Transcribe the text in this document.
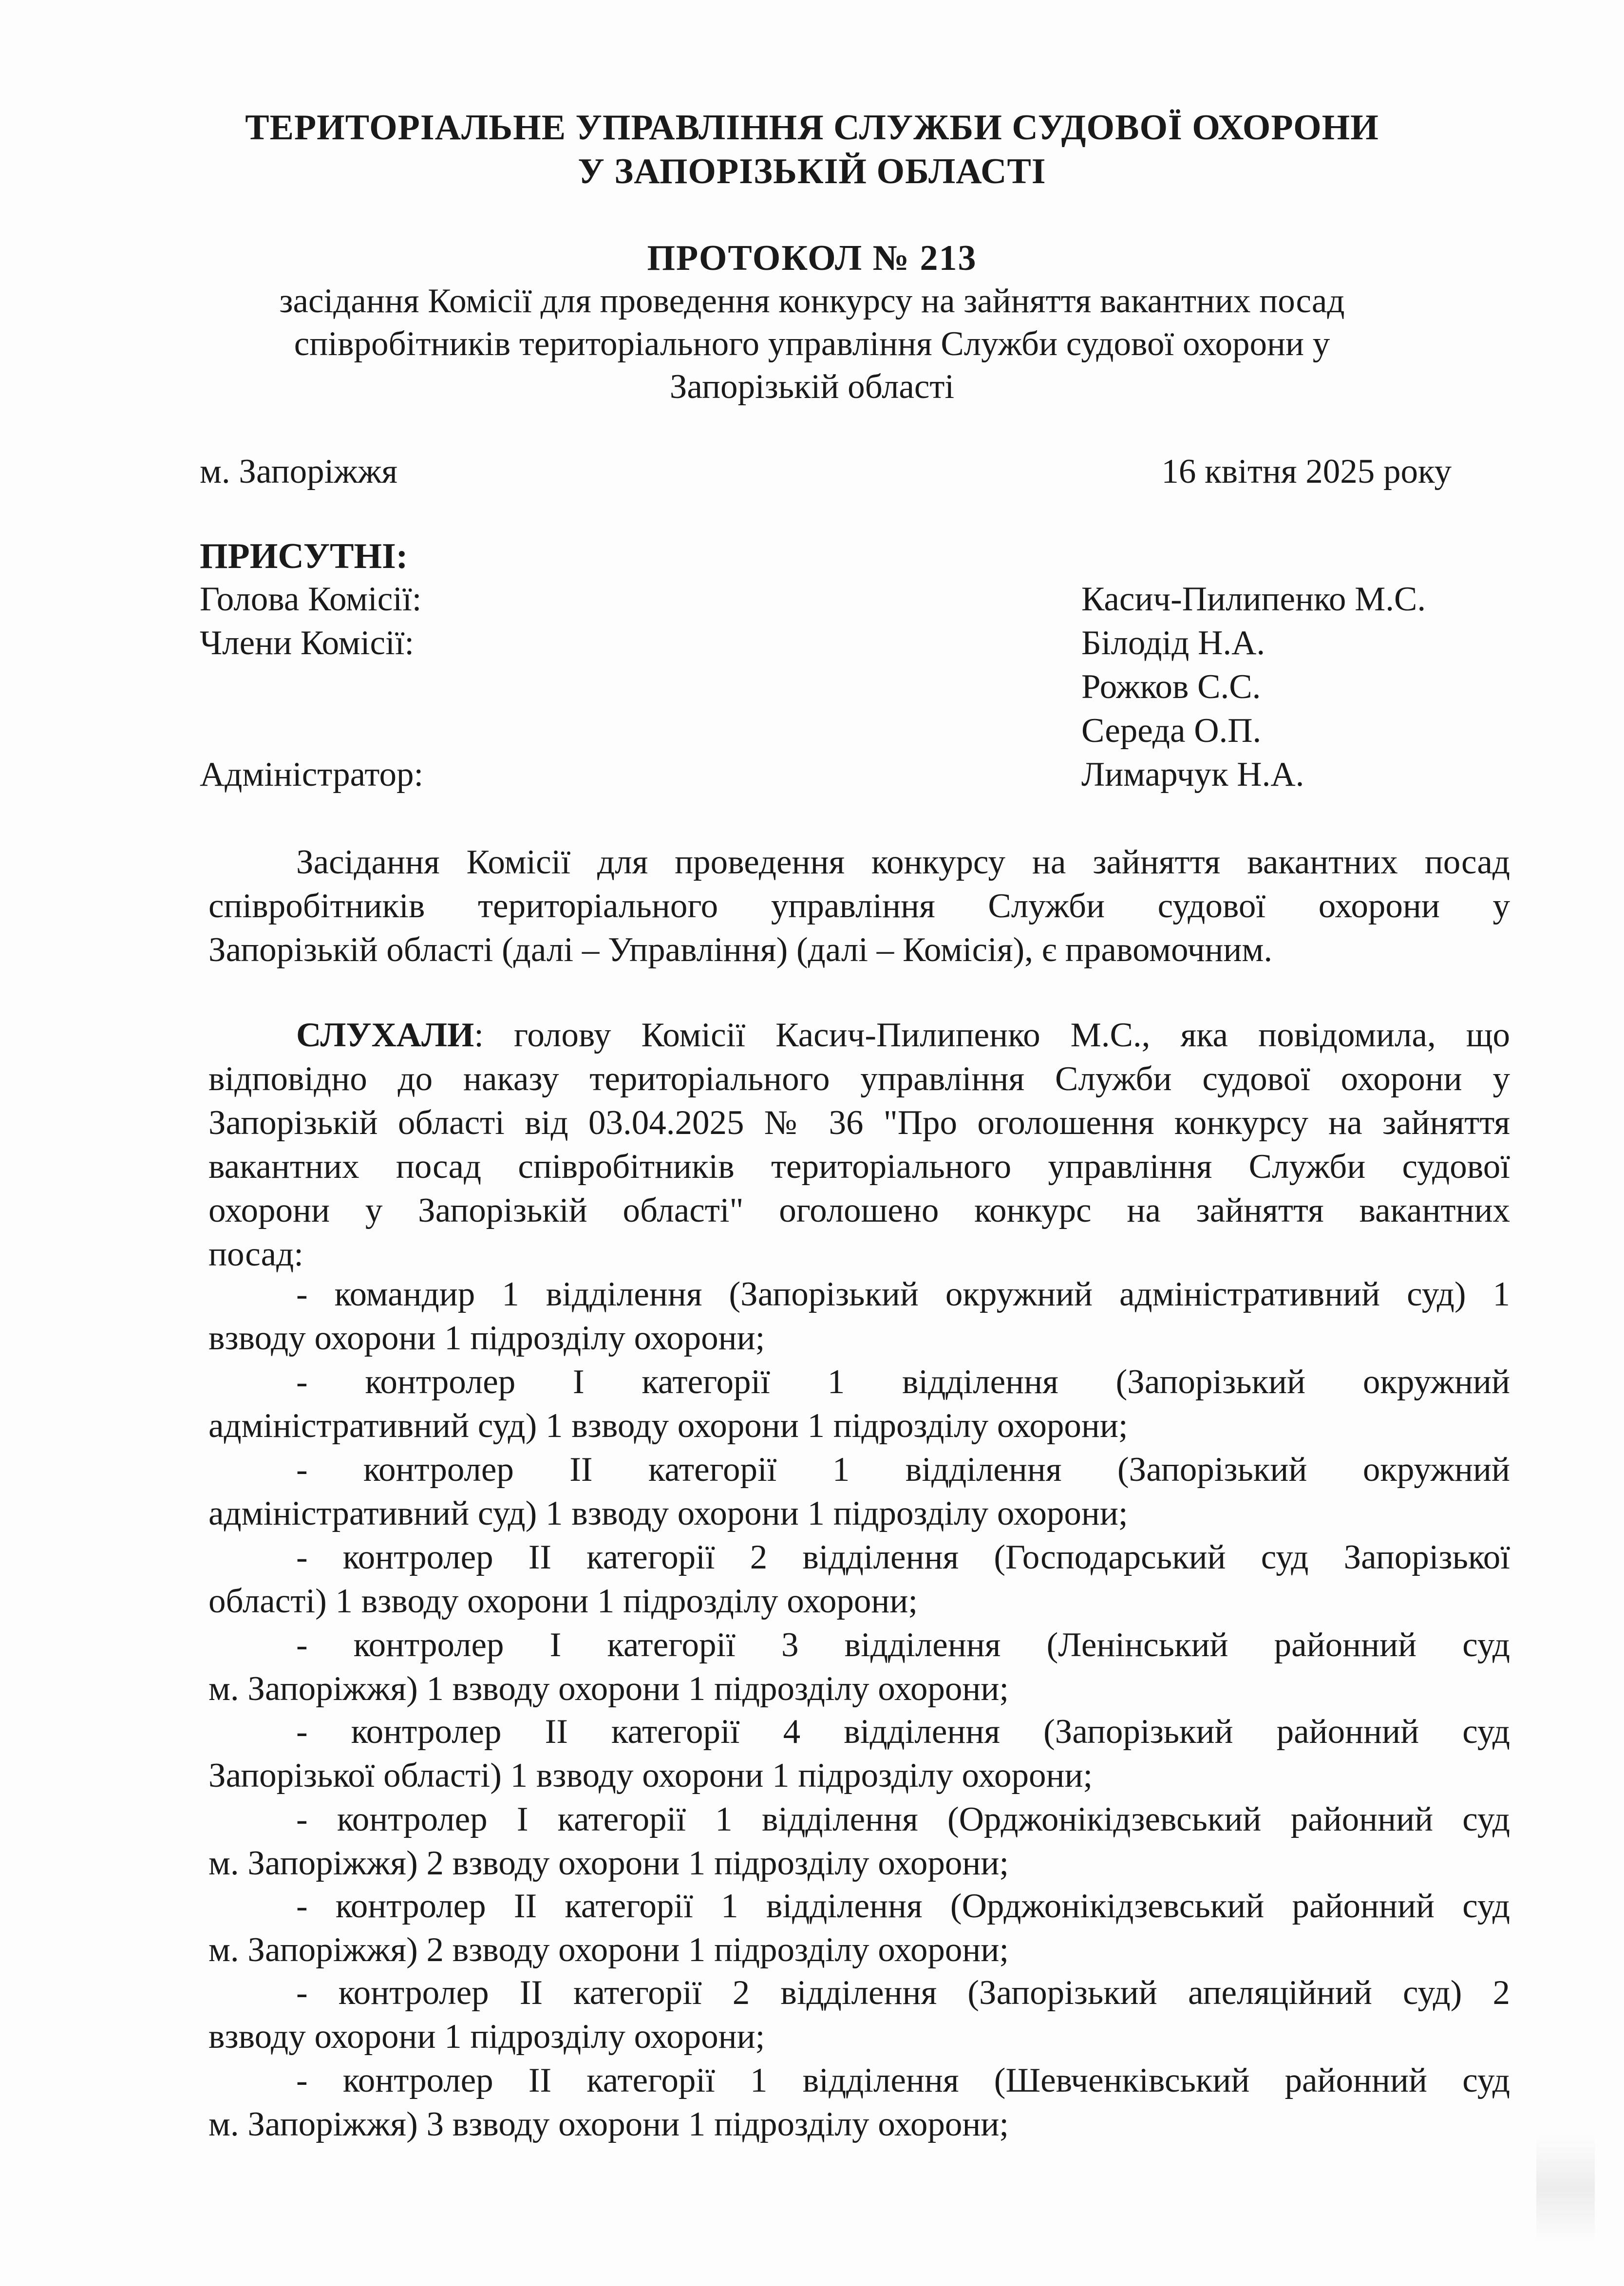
ТЕРИТОРІАЛЬНЕ УПРАВЛІННЯ СЛУЖБИ СУДОВОЇ ОХОРОНИ

У ЗАПОРІЗЬКІЙ ОБЛАСТІ

ПРОТОКОЛ № 213

засідання Комісії для проведення конкурсу на зайняття вакантних посад

співробітників територіального управління Служби судової охорони у

Запорізькій області

м. Запоріжжя	16 квітня 2025 року

ПРИСУТНІ:

Голова Комісії:	Касич-Пилипенко М.С.

Члени Комісії:	Білодід Н.А.

Рожков С.С.

Середа О.П.

Адміністратор:	Лимарчук Н.А.

Засідання Комісії для проведення конкурсу на зайняття вакантних посад

співробітників територіального управління Служби судової охорони у

Запорізькій області (далі – Управління) (далі – Комісія), є правомочним.

СЛУХАЛИ: голову Комісії Касич-Пилипенко М.С., яка повідомила, що

відповідно до наказу територіального управління Служби судової охорони у

Запорізькій області від 03.04.2025 № 36 "Про оголошення конкурсу на зайняття

вакантних посад співробітників територіального управління Служби судової

охорони у Запорізькій області" оголошено конкурс на зайняття вакантних

посад:

- командир 1 відділення (Запорізький окружний адміністративний суд) 1

взводу охорони 1 підрозділу охорони;

- контролер І категорії 1 відділення (Запорізький окружний

адміністративний суд) 1 взводу охорони 1 підрозділу охорони;

- контролер ІІ категорії 1 відділення (Запорізький окружний

адміністративний суд) 1 взводу охорони 1 підрозділу охорони;

- контролер ІІ категорії 2 відділення (Господарський суд Запорізької

області) 1 взводу охорони 1 підрозділу охорони;

- контролер І категорії 3 відділення (Ленінський районний суд

м. Запоріжжя) 1 взводу охорони 1 підрозділу охорони;

- контролер ІІ категорії 4 відділення (Запорізький районний суд

Запорізької області) 1 взводу охорони 1 підрозділу охорони;

- контролер І категорії 1 відділення (Орджонікідзевський районний суд

м. Запоріжжя) 2 взводу охорони 1 підрозділу охорони;

- контролер ІІ категорії 1 відділення (Орджонікідзевський районний суд

м. Запоріжжя) 2 взводу охорони 1 підрозділу охорони;

- контролер ІІ категорії 2 відділення (Запорізький апеляційний суд) 2

взводу охорони 1 підрозділу охорони;

- контролер ІІ категорії 1 відділення (Шевченківський районний суд

м. Запоріжжя) 3 взводу охорони 1 підрозділу охорони;
